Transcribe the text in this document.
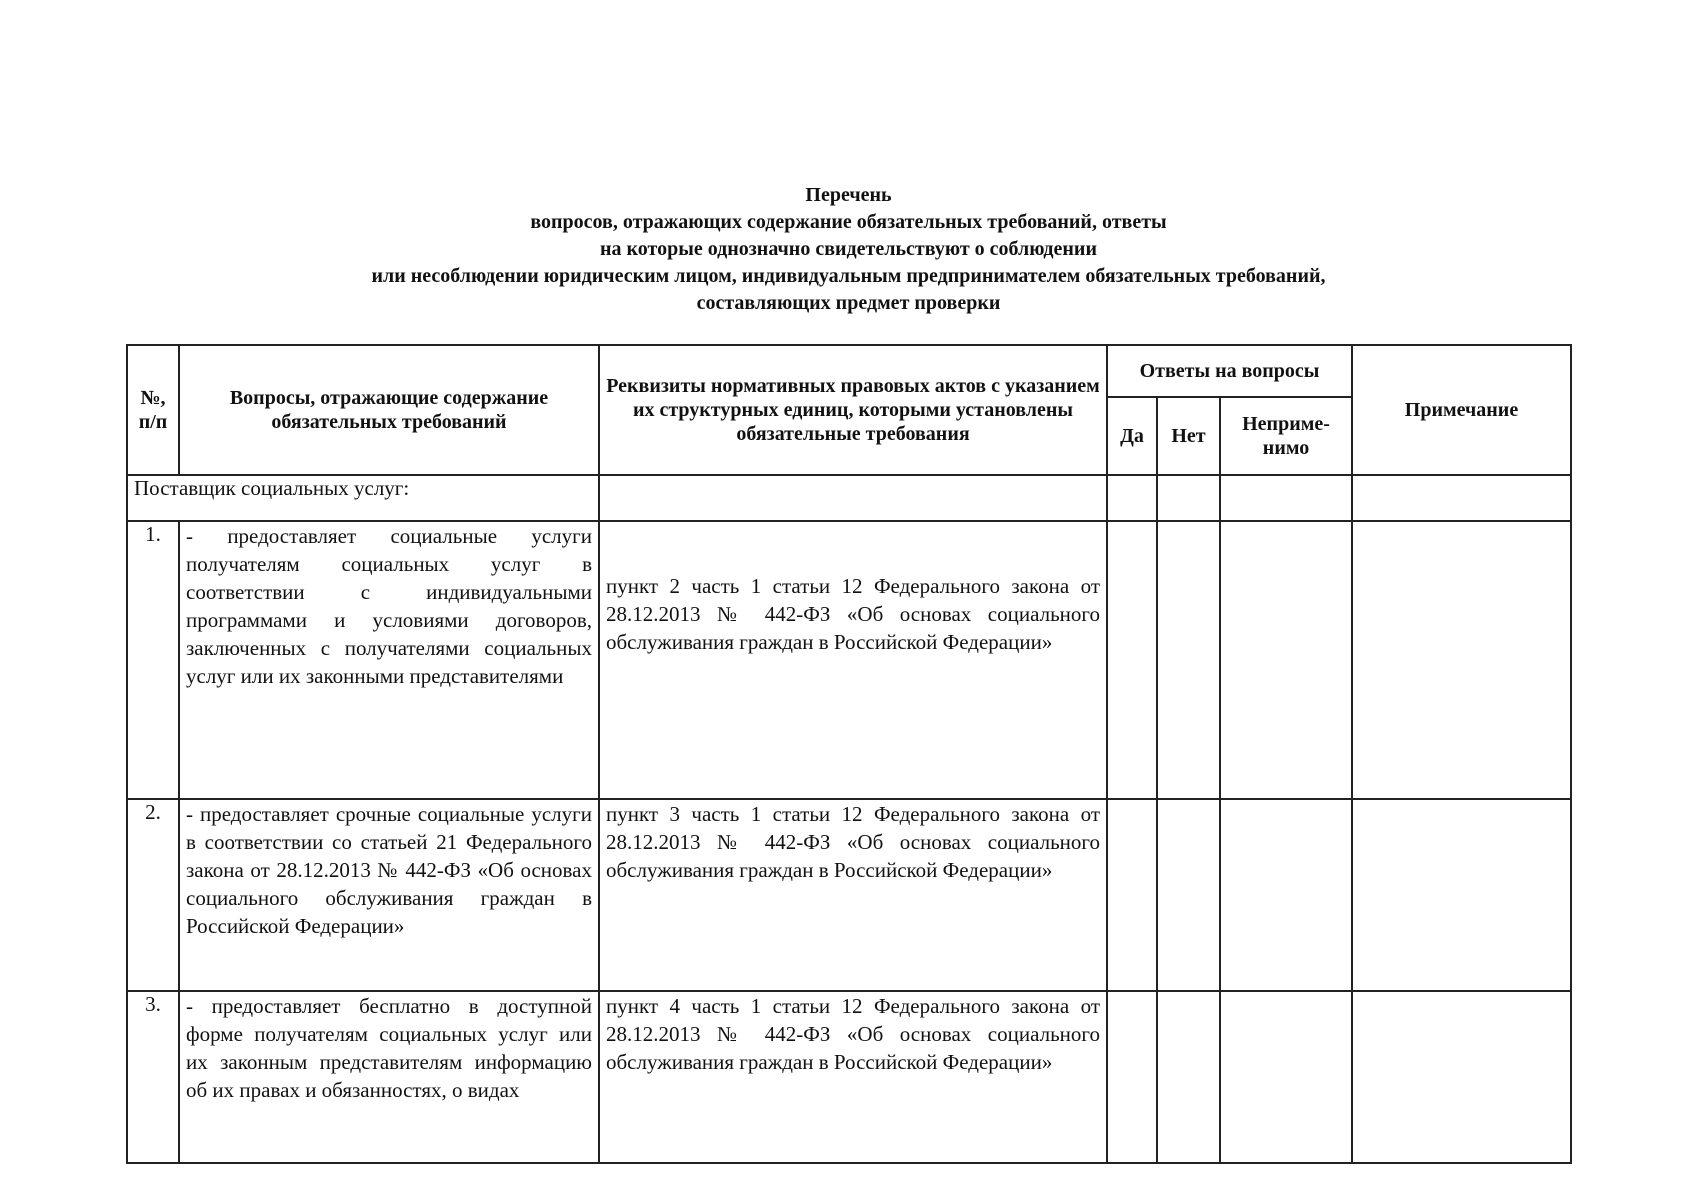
Перечень
вопросов, отражающих содержание обязательных требований, ответы
на которые однозначно свидетельствуют о соблюдении
или несоблюдении юридическим лицом, индивидуальным предпринимателем обязательных требований,
составляющих предмет проверки
№, п/п	Вопросы, отражающие содержание обязательных требований	Реквизиты нормативных правовых актов с указанием их структурных единиц, которыми установлены обязательные требования	Ответы на вопросы			Примечание
			Да	Нет	Неприме-нимо	
Поставщик социальных услуг:						
1.	- предоставляет социальные услуги получателям социальных услуг в соответствии с индивидуальными программами и условиями договоров, заключенных с получателями социальных услуг или их законными представителями	пункт 2 часть 1 статьи 12 Федерального закона от 28.12.2013 № 442-ФЗ «Об основах социального обслуживания граждан в Российской Федерации»				
2.	- предоставляет срочные социальные услуги в соответствии со статьей 21 Федерального закона от 28.12.2013 № 442-ФЗ «Об основах социального обслуживания граждан в Российской Федерации»	пункт 3 часть 1 статьи 12 Федерального закона от 28.12.2013 № 442-ФЗ «Об основах социального обслуживания граждан в Российской Федерации»				
3.	- предоставляет бесплатно в доступной форме получателям социальных услуг или их законным представителям информацию об их правах и обязанностях, о видах	пункт 4 часть 1 статьи 12 Федерального закона от 28.12.2013 № 442-ФЗ «Об основах социального обслуживания граждан в Российской Федерации»				
